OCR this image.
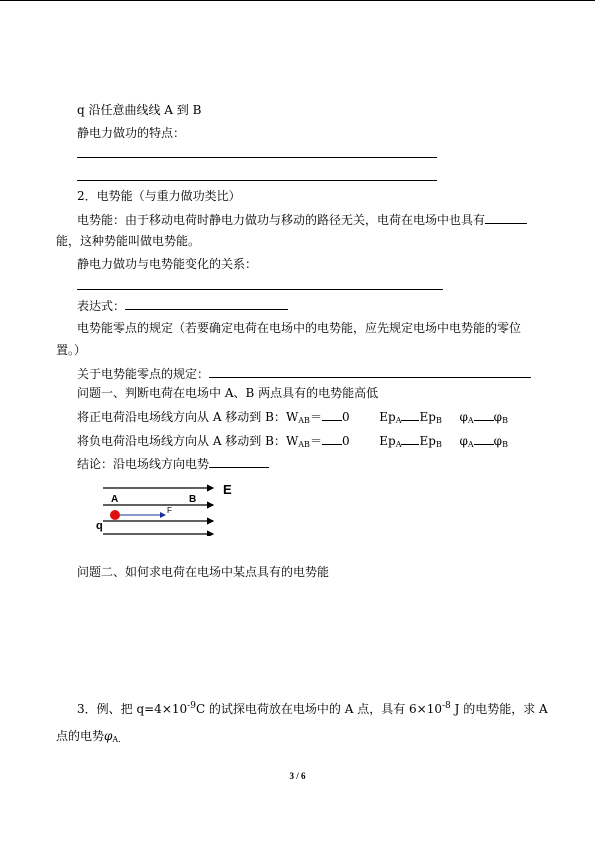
q 沿任意曲线线 A 到 B
静电力做功的特点：
2．电势能（与重力做功类比）
电势能：由于移动电荷时静电力做功与移动的路径无关，电荷在电场中也具有
能，这种势能叫做电势能。
静电力做功与电势能变化的关系：
表达式：
电势能零点的规定（若要确定电荷在电场中的电势能，应先规定电场中电势能的零位
置。）
关于电势能零点的规定：
问题一、判断电荷在电场中 A、B 两点具有的电势能高低
将正电荷沿电场线方向从 A 移动到 B：$W_{AB}= 0$ $Ep_A$ $Ep_B$ $\varphi_A$ $\varphi_B$
将负电荷沿电场线方向从 A 移动到 B：$W_{AB}= 0$ $Ep_A$ $Ep_B$ $\varphi_A$ $\varphi_B$
结论：沿电场线方向电势
A	B
E
F
q
问题二、如何求电荷在电场中某点具有的电势能
3．例、把 $q=4\times 10^{-9}C$ 的试探电荷放在电场中的 A 点，具有 $6\times 10^{-8}$ J 的电势能，求 A
点的电势$\varphi_{A.}$
3 / 6
